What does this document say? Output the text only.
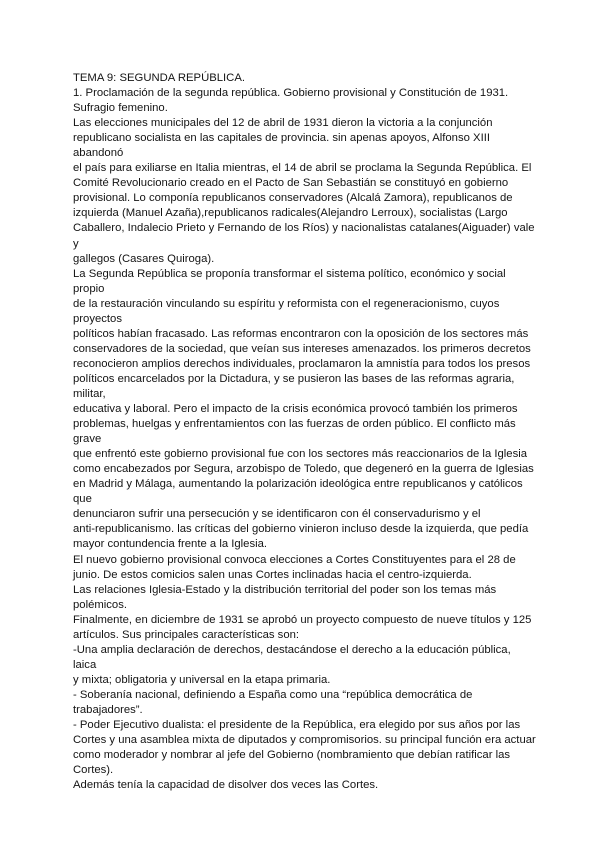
TEMA 9: SEGUNDA REPÚBLICA.
1. Proclamación de la segunda república. Gobierno provisional y Constitución de 1931.
Sufragio femenino.
Las elecciones municipales del 12 de abril de 1931 dieron la victoria a la conjunción
republicano socialista en las capitales de provincia. sin apenas apoyos, Alfonso XIII
abandonó
el país para exiliarse en Italia mientras, el 14 de abril se proclama la Segunda República. El
Comité Revolucionario creado en el Pacto de San Sebastián se constituyó en gobierno
provisional. Lo componía republicanos conservadores (Alcalá Zamora), republicanos de
izquierda (Manuel Azaña),republicanos radicales(Alejandro Lerroux), socialistas (Largo
Caballero, Indalecio Prieto y Fernando de los Ríos) y nacionalistas catalanes(Aiguader) vale
y
gallegos (Casares Quiroga).
La Segunda República se proponía transformar el sistema político, económico y social
propio
de la restauración vinculando su espíritu y reformista con el regeneracionismo, cuyos
proyectos
políticos habían fracasado. Las reformas encontraron con la oposición de los sectores más
conservadores de la sociedad, que veían sus intereses amenazados. los primeros decretos
reconocieron amplios derechos individuales, proclamaron la amnistía para todos los presos
políticos encarcelados por la Dictadura, y se pusieron las bases de las reformas agraria,
militar,
educativa y laboral. Pero el impacto de la crisis económica provocó también los primeros
problemas, huelgas y enfrentamientos con las fuerzas de orden público. El conflicto más
grave
que enfrentó este gobierno provisional fue con los sectores más reaccionarios de la Iglesia
como encabezados por Segura, arzobispo de Toledo, que degeneró en la guerra de Iglesias
en Madrid y Málaga, aumentando la polarización ideológica entre republicanos y católicos
que
denunciaron sufrir una persecución y se identificaron con él conservadurismo y el
anti-republicanismo. las críticas del gobierno vinieron incluso desde la izquierda, que pedía
mayor contundencia frente a la Iglesia.
El nuevo gobierno provisional convoca elecciones a Cortes Constituyentes para el 28 de
junio. De estos comicios salen unas Cortes inclinadas hacia el centro-izquierda.
Las relaciones Iglesia-Estado y la distribución territorial del poder son los temas más
polémicos.
Finalmente, en diciembre de 1931 se aprobó un proyecto compuesto de nueve títulos y 125
artículos. Sus principales características son:
-Una amplia declaración de derechos, destacándose el derecho a la educación pública,
laica
y mixta; obligatoria y universal en la etapa primaria.
- Soberanía nacional, definiendo a España como una “república democrática de
trabajadores”.
- Poder Ejecutivo dualista: el presidente de la República, era elegido por sus años por las
Cortes y una asamblea mixta de diputados y compromisorios. su principal función era actuar
como moderador y nombrar al jefe del Gobierno (nombramiento que debían ratificar las
Cortes).
Además tenía la capacidad de disolver dos veces las Cortes.
